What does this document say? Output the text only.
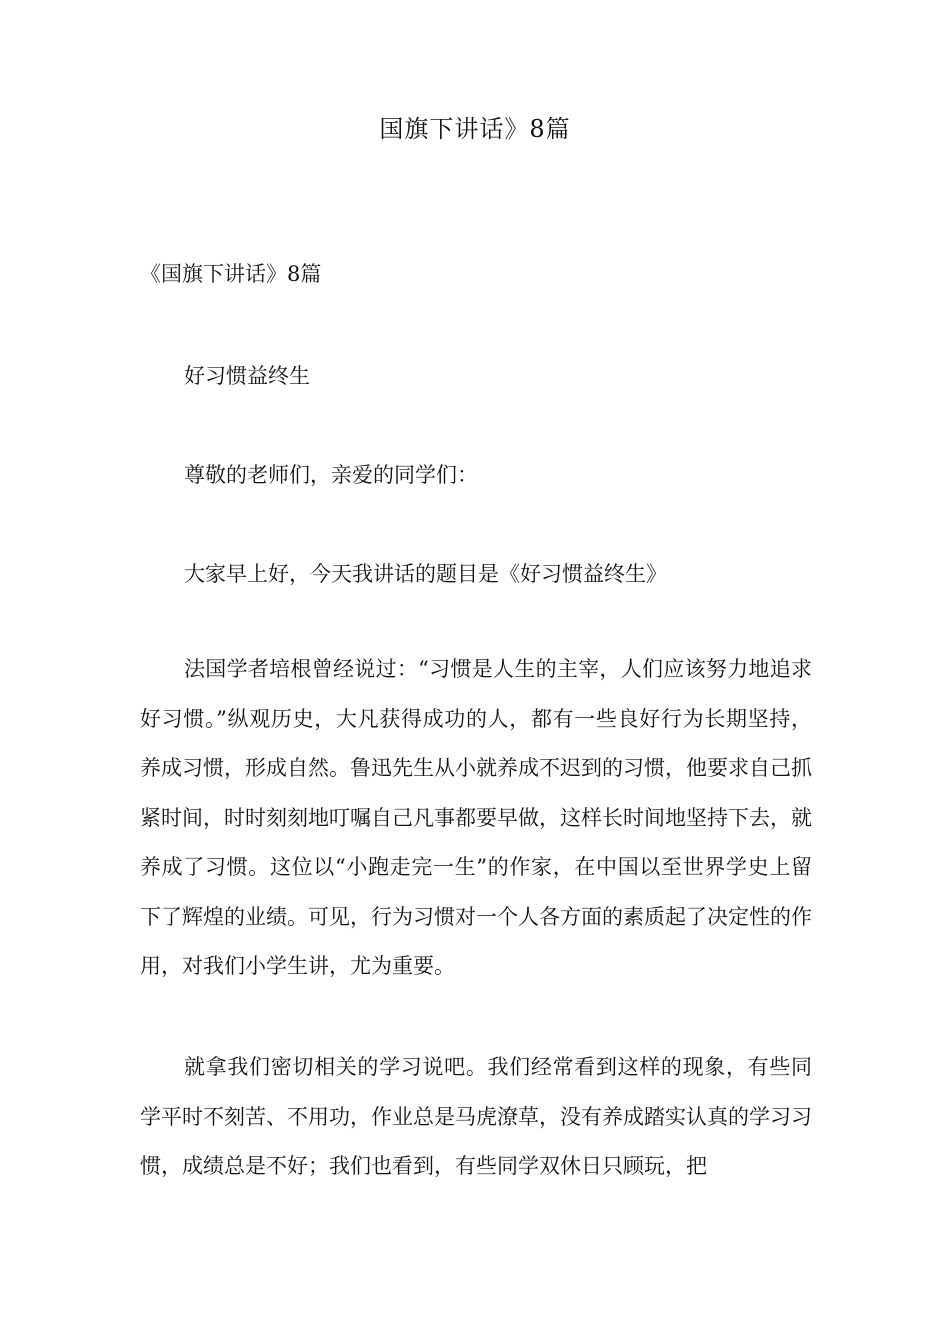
国旗下讲话》8篇
《国旗下讲话》8篇

好习惯益终生

尊敬的老师们，亲爱的同学们：

大家早上好，今天我讲话的题目是《好习惯益终生》

法国学者培根曾经说过：“习惯是人生的主宰，人们应该努力地追求好习惯。”纵观历史，大凡获得成功的人，都有一些良好行为长期坚持，养成习惯，形成自然。鲁迅先生从小就养成不迟到的习惯，他要求自己抓紧时间，时时刻刻地叮嘱自己凡事都要早做，这样长时间地坚持下去，就养成了习惯。这位以“小跑走完一生”的作家，在中国以至世界学史上留下了辉煌的业绩。可见，行为习惯对一个人各方面的素质起了决定性的作用，对我们小学生讲，尤为重要。

就拿我们密切相关的学习说吧。我们经常看到这样的现象，有些同学平时不刻苦、不用功，作业总是马虎潦草，没有养成踏实认真的学习习惯，成绩总是不好；我们也看到，有些同学双休日只顾玩，把
